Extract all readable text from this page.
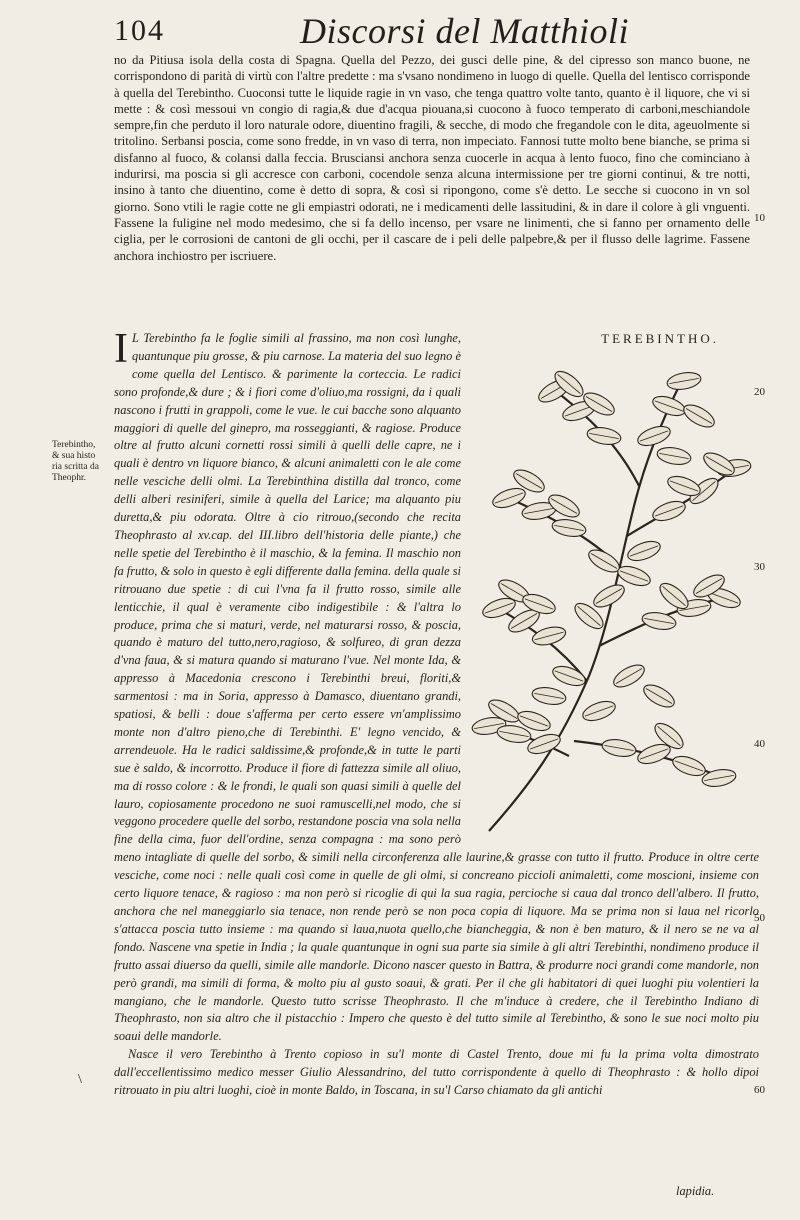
104	Discorsi del Matthioli

no da Pitiusa isola della costa di Spagna. Quella del Pezzo, dei gusci delle pine, & del cipresso son manco buone, ne corrispondono di parità di virtù con l'altre predette : ma s'vsano nondimeno in luogo di quelle. Quella del lentisco corrisponde à quella del Terebintho. Cuoconsi tutte le liquide ragie in vn vaso, che tenga quattro volte tanto, quanto è il liquore, che vi si mette : & così messoui vn congio di ragia,& due d'acqua piouana,si cuocono à fuoco temperato di carboni,meschiandole sempre,fin che perduto il loro naturale odore, diuentino fragili, & secche, di modo che fregandole con le dita, ageuolmente si tritolino. Serbansi poscia, come sono fredde, in vn vaso di terra, non impeciato. Fannosi tutte molto bene bianche, se prima si disfanno al fuoco, & colansi dalla feccia. Brusciansi anchora senza cuocerle in acqua à lento fuoco, fino che cominciano à indurirsi, ma poscia si gli accresce con carboni, cocendole senza alcuna intermissione per tre giorni continui, & tre notti, insino à tanto che diuentino, come è detto di sopra, & così si ripongono, come s'è detto. Le secche si cuocono in vn sol giorno. Sono vtili le ragie cotte ne gli empiastri odorati, ne i medicamenti delle lassitudini, & in dare il colore à gli vnguenti. Fassene la fuligine nel modo medesimo, che si fa dello incenso, per vsare ne linimenti, che si fanno per ornamento delle ciglia, per le corrosioni de cantoni de gli occhi, per il cascare de i peli delle palpebre,& per il flusso delle lagrime. Fassene anchora inchiostro per iscriuere.

Terebintho,
& sua histo
ria scritta da
Theophr.
TEREBINTHO.

I L Terebintho fa le foglie simili al frassino, ma non così lunghe, quantunque piu grosse, & piu carnose. La materia del suo legno è come quella del Lentisco. & parimente la corteccia. Le radici sono profonde,& dure ; & i fiori come d'oliuo,ma rossigni, da i quali nascono i frutti in grappoli, come le vue. le cui bacche sono alquanto maggiori di quelle del ginepro, ma rosseggianti, & ragiose. Produce oltre al frutto alcuni cornetti rossi simili à quelli delle capre, ne i quali è dentro vn liquore bianco, & alcuni animaletti con le ale come nelle vesciche delli olmi. La Terebinthina distilla dal tronco, come delli alberi resiniferi, simile à quella del Larice; ma alquanto piu duretta,& piu odorata. Oltre à cio ritrouo,(secondo che recita Theophrasto al xv.cap. del III.libro dell'historia delle piante,) che nelle spetie del Terebintho è il maschio, & la femina. Il maschio non fa frutto, & solo in questo è egli differente dalla femina. della quale si ritrouano due spetie : di cui l'vna fa il frutto rosso, simile alle lenticchie, il qual è veramente cibo indigestibile : & l'altra lo produce, prima che si maturi, verde, nel maturarsi rosso, & poscia, quando è maturo del tutto,nero,ragioso, & solfureo, di gran dezza d'vna faua, & si matura quando si maturano l'vue. Nel monte Ida, & appresso à Macedonia crescono i Terebinthi breui, floriti,& sarmentosi : ma in Soria, appresso à Damasco, diuentano grandi, spatiosi, & belli : doue s'afferma per certo essere vn'amplissimo monte non d'altro pieno,che di Terebinthi. E' legno vencido, & arrendeuole. Ha le radici saldissime,& profonde,& in tutte le parti sue è saldo, & incorrotto. Produce il fiore di fattezza simile all oliuo, ma di rosso colore : & le frondi, le quali son quasi simili à quelle del lauro, copiosamente procedono ne suoi ramuscelli,nel modo, che si veggono procedere quelle del sorbo, restandone poscia vna sola nella fine della cima, fuor dell'ordine, senza compagna : ma sono però meno intagliate di quelle del sorbo, & simili nella circonferenza alle laurine,& grasse con tutto il frutto. Produce in oltre certe vesciche, come noci : nelle quali così come in quelle de gli olmi, si concreano piccioli animaletti, come moscioni, insieme con certo liquore tenace, & ragioso : ma non però si ricoglie di qui la sua ragia, percioche si caua dal tronco dell'albero. Il frutto, anchora che nel maneggiarlo sia tenace, non rende però se non poca copia di liquore. Ma se prima non si laua nel ricorlo s'attacca poscia tutto insieme : ma quando si laua,nuota quello,che biancheggia, & non è ben maturo, & il nero se ne va al fondo. Nascene vna spetie in India ; la quale quantunque in ogni sua parte sia simile à gli altri Terebinthi, nondimeno produce il frutto assai diuerso da quelli, simile alle mandorle. Dicono nascer questo in Battra, & produrre noci grandi come mandorle, non però grandi, ma simili di forma, & molto piu al gusto soaui, & grati. Per il che gli habitatori di quei luoghi piu volentieri la mangiano, che le mandorle. Questo tutto scrisse Theophrasto. Il che m'induce à credere, che il Terebintho Indiano di Theophrasto, non sia altro che il pistacchio : Impero che questo è del tutto simile al Terebintho, & sono le sue noci molto piu soaui delle mandorle.

Nasce il vero Terebintho à Trento copioso in su'l monte di Castel Trento, doue mi fu la prima volta dimostrato dall'eccellentissimo medico messer Giulio Alessandrino, del tutto corrispondente à quello di Theophrasto : & hollo dipoi ritrouato in piu altri luoghi, cioè in monte Baldo, in Toscana, in su'l Carso chiamato da gli antichi

lapidia.
10
20
30
40
50
60
\
